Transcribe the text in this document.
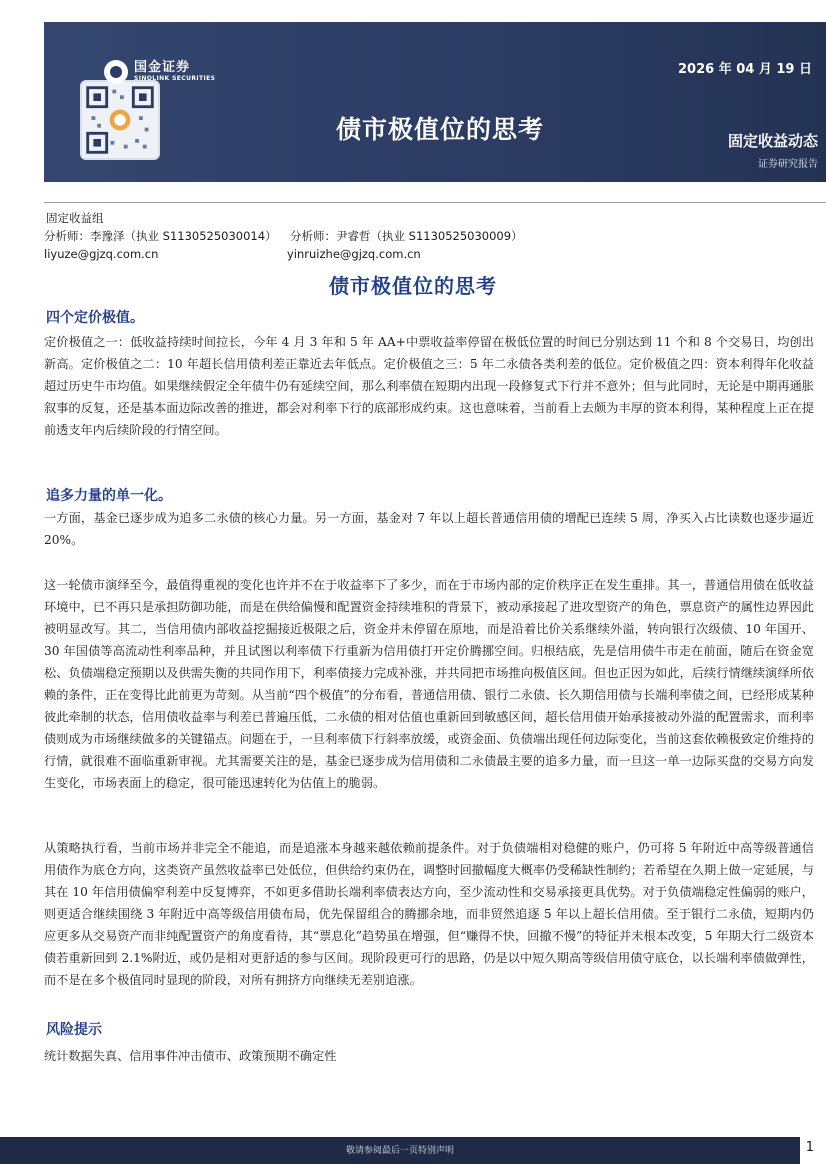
国金证券
SINOLINK SECURITIES
2026 年 04 月 19 日
债市极值位的思考	固定收益动态
证券研究报告
固定收益组
分析师：李豫泽（执业 S1130525030014） 分析师：尹睿哲（执业 S1130525030009）
liyuze@gjzq.com.cn	yinruizhe@gjzq.com.cn
债市极值位的思考
四个定价极值。
定价极值之一：低收益持续时间拉长，今年 4 月 3 年和 5 年 AA+中票收益率停留在极低位置的时间已分别达到 11 个和 8 个交易日，均创出新高。定价极值之二：10 年超长信用债利差正靠近去年低点。定价极值之三：5 年二永债各类利差的低位。定价极值之四：资本利得年化收益超过历史牛市均值。如果继续假定全年债牛仍有延续空间，那么利率债在短期内出现一段修复式下行并不意外；但与此同时，无论是中期再通胀叙事的反复，还是基本面边际改善的推进，都会对利率下行的底部形成约束。这也意味着，当前看上去颇为丰厚的资本利得，某种程度上正在提前透支年内后续阶段的行情空间。
追多力量的单一化。
一方面，基金已逐步成为追多二永债的核心力量。另一方面，基金对 7 年以上超长普通信用债的增配已连续 5 周，净买入占比读数也逐步逼近 20%。
这一轮债市演绎至今，最值得重视的变化也许并不在于收益率下了多少，而在于市场内部的定价秩序正在发生重排。其一，普通信用债在低收益环境中，已不再只是承担防御功能，而是在供给偏慢和配置资金持续堆积的背景下，被动承接起了进攻型资产的角色，票息资产的属性边界因此被明显改写。其二，当信用债内部收益挖掘接近极限之后，资金并未停留在原地，而是沿着比价关系继续外溢，转向银行次级债、10 年国开、30 年国债等高流动性利率品种，并且试图以利率债下行重新为信用债打开定价腾挪空间。归根结底，先是信用债牛市走在前面，随后在资金宽松、负债端稳定预期以及供需失衡的共同作用下，利率债接力完成补涨，并共同把市场推向极值区间。但也正因为如此，后续行情继续演绎所依赖的条件，正在变得比此前更为苛刻。从当前“四个极值”的分布看，普通信用债、银行二永债、长久期信用债与长端利率债之间，已经形成某种彼此牵制的状态，信用债收益率与利差已普遍压低，二永债的相对估值也重新回到敏感区间，超长信用债开始承接被动外溢的配置需求，而利率债则成为市场继续做多的关键锚点。问题在于，一旦利率债下行斜率放缓，或资金面、负债端出现任何边际变化，当前这套依赖极致定价维持的行情，就很难不面临重新审视。尤其需要关注的是，基金已逐步成为信用债和二永债最主要的追多力量，而一旦这一单一边际买盘的交易方向发生变化，市场表面上的稳定，很可能迅速转化为估值上的脆弱。
从策略执行看，当前市场并非完全不能追，而是追涨本身越来越依赖前提条件。对于负债端相对稳健的账户，仍可将 5 年附近中高等级普通信用债作为底仓方向，这类资产虽然收益率已处低位，但供给约束仍在，调整时回撤幅度大概率仍受稀缺性制约；若希望在久期上做一定延展，与其在 10 年信用债偏窄利差中反复博弈，不如更多借助长端利率债表达方向，至少流动性和交易承接更具优势。对于负债端稳定性偏弱的账户，则更适合继续围绕 3 年附近中高等级信用债布局，优先保留组合的腾挪余地，而非贸然追逐 5 年以上超长信用债。至于银行二永债，短期内仍应更多从交易资产而非纯配置资产的角度看待，其“票息化”趋势虽在增强，但“赚得不快，回撤不慢”的特征并未根本改变，5 年期大行二级资本债若重新回到 2.1%附近，或仍是相对更舒适的参与区间。现阶段更可行的思路，仍是以中短久期高等级信用债守底仓，以长端利率债做弹性，而不是在多个极值同时显现的阶段，对所有拥挤方向继续无差别追涨。
风险提示
统计数据失真、信用事件冲击债市、政策预期不确定性
敬请参阅最后一页特别声明	1
